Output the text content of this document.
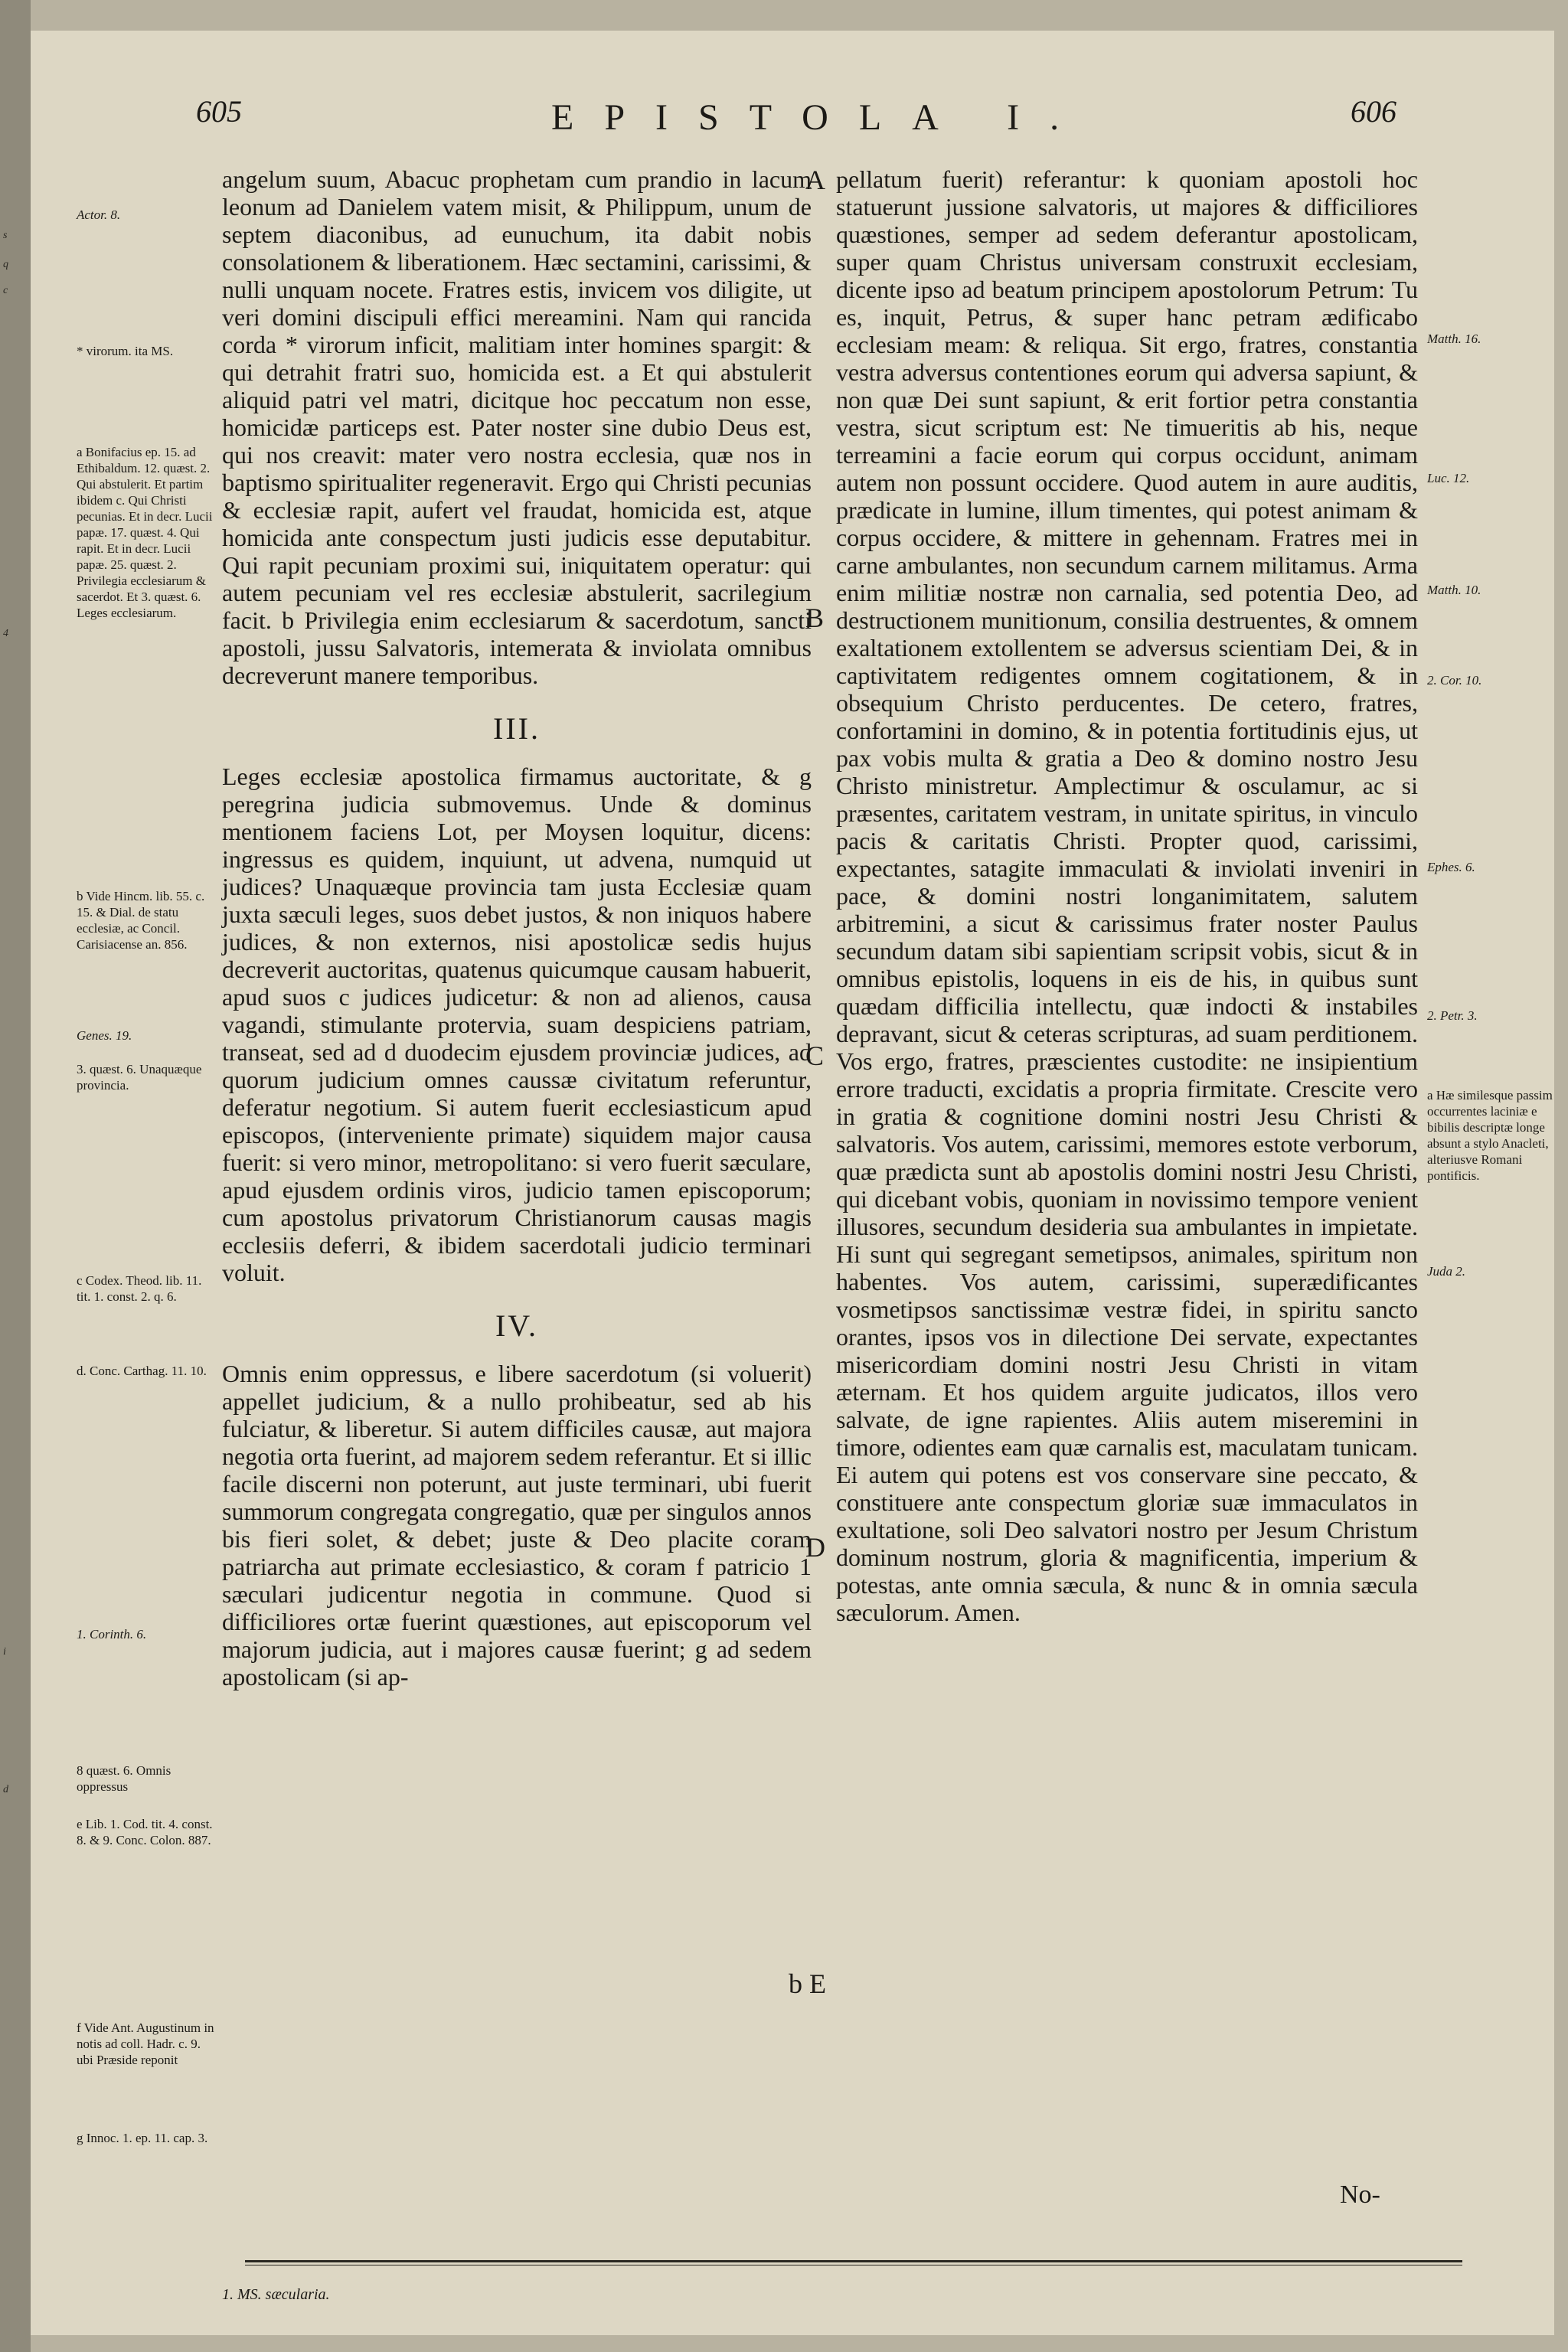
s
q
c
4
i
d
605	EPISTOLA I.	606

angelum suum, Abacuc prophetam cum prandio in lacum leonum ad Danielem vatem misit, & Philippum, unum de septem diaconibus, ad eunuchum, ita dabit nobis consolationem & liberationem. Hæc sectamini, carissimi, & nulli unquam nocete. Fratres estis, invicem vos diligite, ut veri domini discipuli effici mereamini. Nam qui rancida corda * virorum inficit, malitiam inter homines spargit: & qui detrahit fratri suo, homicida est. a Et qui abstulerit aliquid patri vel matri, dicitque hoc peccatum non esse, homicidæ particeps est. Pater noster sine dubio Deus est, qui nos creavit: mater vero nostra ecclesia, quæ nos in baptismo spiritualiter regeneravit. Ergo qui Christi pecunias & ecclesiæ rapit, aufert vel fraudat, homicida est, atque homicida ante conspectum justi judicis esse deputabitur. Qui rapit pecuniam proximi sui, iniquitatem operatur: qui autem pecuniam vel res ecclesiæ abstulerit, sacrilegium facit. b Privilegia enim ecclesiarum & sacerdotum, sancti apostoli, jussu Salvatoris, intemerata & inviolata omnibus decreverunt manere temporibus.

III.

Leges ecclesiæ apostolica firmamus auctoritate, & g peregrina judicia submovemus. Unde & dominus mentionem faciens Lot, per Moysen loquitur, dicens: ingressus es quidem, inquiunt, ut advena, numquid ut judices? Unaquæque provincia tam justa Ecclesiæ quam juxta sæculi leges, suos debet justos, & non iniquos habere judices, & non externos, nisi apostolicæ sedis hujus decreverit auctoritas, quatenus quicumque causam habuerit, apud suos c judices judicetur: & non ad alienos, causa vagandi, stimulante protervia, suam despiciens patriam, transeat, sed ad d duodecim ejusdem provinciæ judices, ad quorum judicium omnes caussæ civitatum referuntur, deferatur negotium. Si autem fuerit ecclesiasticum apud episcopos, (interveniente primate) siquidem major causa fuerit: si vero minor, metropolitano: si vero fuerit sæculare, apud ejusdem ordinis viros, judicio tamen episcoporum; cum apostolus privatorum Christianorum causas magis ecclesiis deferri, & ibidem sacerdotali judicio terminari voluit.

IV.

Omnis enim oppressus, e libere sacerdotum (si voluerit) appellet judicium, & a nullo prohibeatur, sed ab his fulciatur, & liberetur. Si autem difficiles causæ, aut majora negotia orta fuerint, ad majorem sedem referantur. Et si illic facile discerni non poterunt, aut juste terminari, ubi fuerit summorum congregata congregatio, quæ per singulos annos bis fieri solet, & debet; juste & Deo placite coram patriarcha aut primate ecclesiastico, & coram f patricio 1 sæculari judicentur negotia in commune. Quod si difficiliores ortæ fuerint quæstiones, aut episcoporum vel majorum judicia, aut i majores causæ fuerint; g ad sedem apostolicam (si ap-

pellatum fuerit) referantur: k quoniam apostoli hoc statuerunt jussione salvatoris, ut majores & difficiliores quæstiones, semper ad sedem deferantur apostolicam, super quam Christus universam construxit ecclesiam, dicente ipso ad beatum principem apostolorum Petrum: Tu es, inquit, Petrus, & super hanc petram ædificabo ecclesiam meam: & reliqua. Sit ergo, fratres, constantia vestra adversus contentiones eorum qui adversa sapiunt, & non quæ Dei sunt sapiunt, & erit fortior petra constantia vestra, sicut scriptum est: Ne timueritis ab his, neque terreamini a facie eorum qui corpus occidunt, animam autem non possunt occidere. Quod autem in aure auditis, prædicate in lumine, illum timentes, qui potest animam & corpus occidere, & mittere in gehennam. Fratres mei in carne ambulantes, non secundum carnem militamus. Arma enim militiæ nostræ non carnalia, sed potentia Deo, ad destructionem munitionum, consilia destruentes, & omnem exaltationem extollentem se adversus scientiam Dei, & in captivitatem redigentes omnem cogitationem, & in obsequium Christo perducentes. De cetero, fratres, confortamini in domino, & in potentia fortitudinis ejus, ut pax vobis multa & gratia a Deo & domino nostro Jesu Christo ministretur. Amplectimur & osculamur, ac si præsentes, caritatem vestram, in unitate spiritus, in vinculo pacis & caritatis Christi. Propter quod, carissimi, expectantes, satagite immaculati & inviolati inveniri in pace, & domini nostri longanimitatem, salutem arbitremini, a sicut & carissimus frater noster Paulus secundum datam sibi sapientiam scripsit vobis, sicut & in omnibus epistolis, loquens in eis de his, in quibus sunt quædam difficilia intellectu, quæ indocti & instabiles depravant, sicut & ceteras scripturas, ad suam perditionem. Vos ergo, fratres, præscientes custodite: ne insipientium errore traducti, excidatis a propria firmitate. Crescite vero in gratia & cognitione domini nostri Jesu Christi & salvatoris. Vos autem, carissimi, memores estote verborum, quæ prædicta sunt ab apostolis domini nostri Jesu Christi, qui dicebant vobis, quoniam in novissimo tempore venient illusores, secundum desideria sua ambulantes in impietate. Hi sunt qui segregant semetipsos, animales, spiritum non habentes. Vos autem, carissimi, superædificantes vosmetipsos sanctissimæ vestræ fidei, in spiritu sancto orantes, ipsos vos in dilectione Dei servate, expectantes misericordiam domini nostri Jesu Christi in vitam æternam. Et hos quidem arguite judicatos, illos vero salvate, de igne rapientes. Aliis autem miseremini in timore, odientes eam quæ carnalis est, maculatam tunicam. Ei autem qui potens est vos conservare sine peccato, & constituere ante conspectum gloriæ suæ immaculatos in exultatione, soli Deo salvatori nostro per Jesum Christum dominum nostrum, gloria & magnificentia, imperium & potestas, ante omnia sæcula, & nunc & in omnia sæcula sæculorum. Amen.

A
B
C
D
b E
Actor. 8.
* virorum. ita MS.
a Bonifacius ep. 15. ad Ethibaldum. 12. quæst. 2. Qui abstulerit. Et partim ibidem c. Qui Christi pecunias. Et in decr. Lucii papæ. 17. quæst. 4. Qui rapit. Et in decr. Lucii papæ. 25. quæst. 2. Privilegia ecclesiarum & sacerdot. Et 3. quæst. 6. Leges ecclesiarum.
b Vide Hincm. lib. 55. c. 15. & Dial. de statu ecclesiæ, ac Concil. Carisiacense an. 856.
Genes. 19.
3. quæst. 6. Unaquæque provincia.
c Codex. Theod. lib. 11. tit. 1. const. 2. q. 6.
d. Conc. Carthag. 11. 10.
1. Corinth. 6.
8 quæst. 6. Omnis oppressus
e Lib. 1. Cod. tit. 4. const. 8. & 9. Conc. Colon. 887.
f Vide Ant. Augustinum in notis ad coll. Hadr. c. 9. ubi Præside reponit
g Innoc. 1. ep. 11. cap. 3.
Matth. 16.
Luc. 12.
Matth. 10.
2. Cor. 10.
Ephes. 6.
2. Petr. 3.
a Hæ similesque passim occurrentes laciniæ e bibilis descriptæ longe absunt a stylo Anacleti, alteriusve Romani pontificis.
Juda 2.
No-
1. MS. sæcularia.
